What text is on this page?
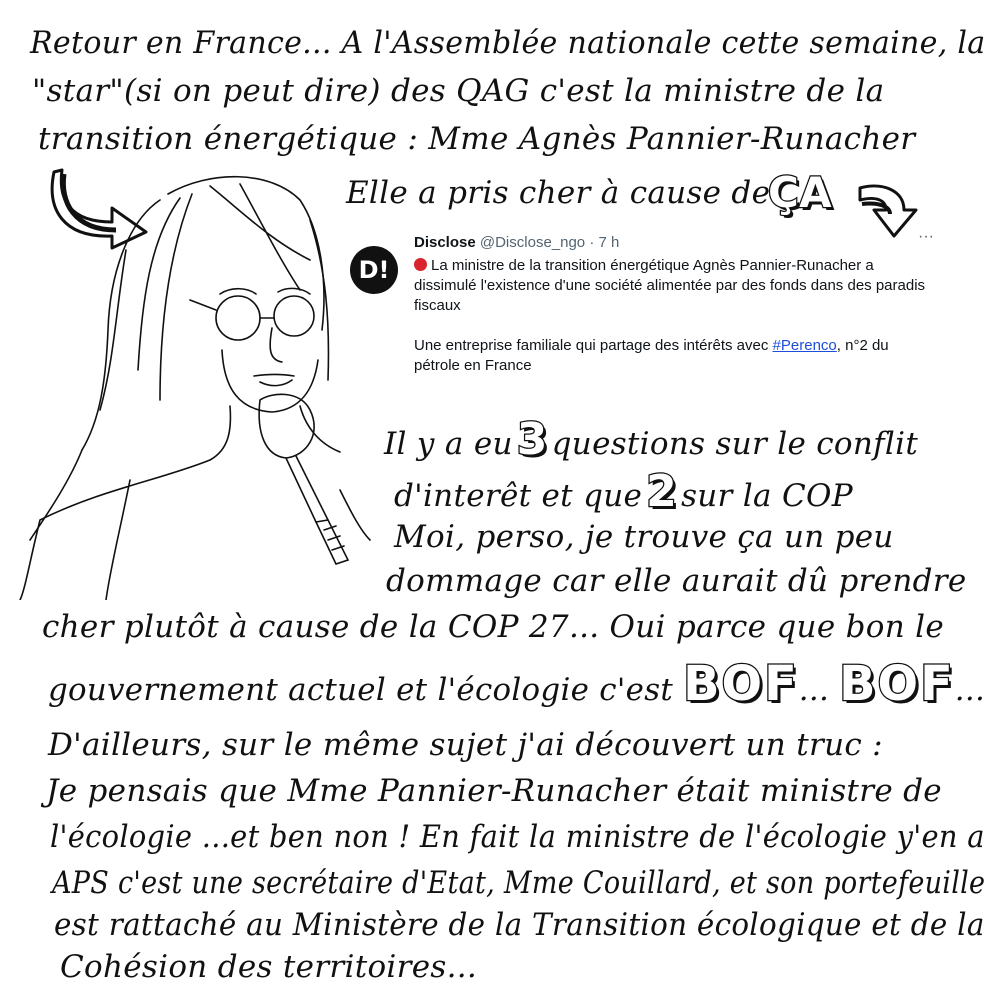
Retour en France... A l'Assemblée nationale cette semaine, la
"star"(si on peut dire) des QAG c'est la ministre de la
transition énergétique : Mme Agnès Pannier-Runacher
Elle a pris cher à cause de
ÇA
D!
Disclose @Disclose_ngo · 7 h	···

La ministre de la transition énergétique Agnès Pannier-Runacher a dissimulé l'existence d'une société alimentée par des fonds dans des paradis fiscaux

Une entreprise familiale qui partage des intérêts avec #Perenco, n°2 du pétrole en France

Il y a eu3 questions sur le conflit
d'interêt et que2 sur la COP
Moi, perso, je trouve ça un peu
dommage car elle aurait dû prendre
cher plutôt à cause de la COP 27... Oui parce que bon le
gouvernement actuel et l'écologie c'est BOF... BOF...
D'ailleurs, sur le même sujet j'ai découvert un truc :
Je pensais que Mme Pannier-Runacher était ministre de
l'écologie ...et ben non ! En fait la ministre de l'écologie y'en a
APS c'est une secrétaire d'Etat, Mme Couillard, et son portefeuille
est rattaché au Ministère de la Transition écologique et de la
Cohésion des territoires...
